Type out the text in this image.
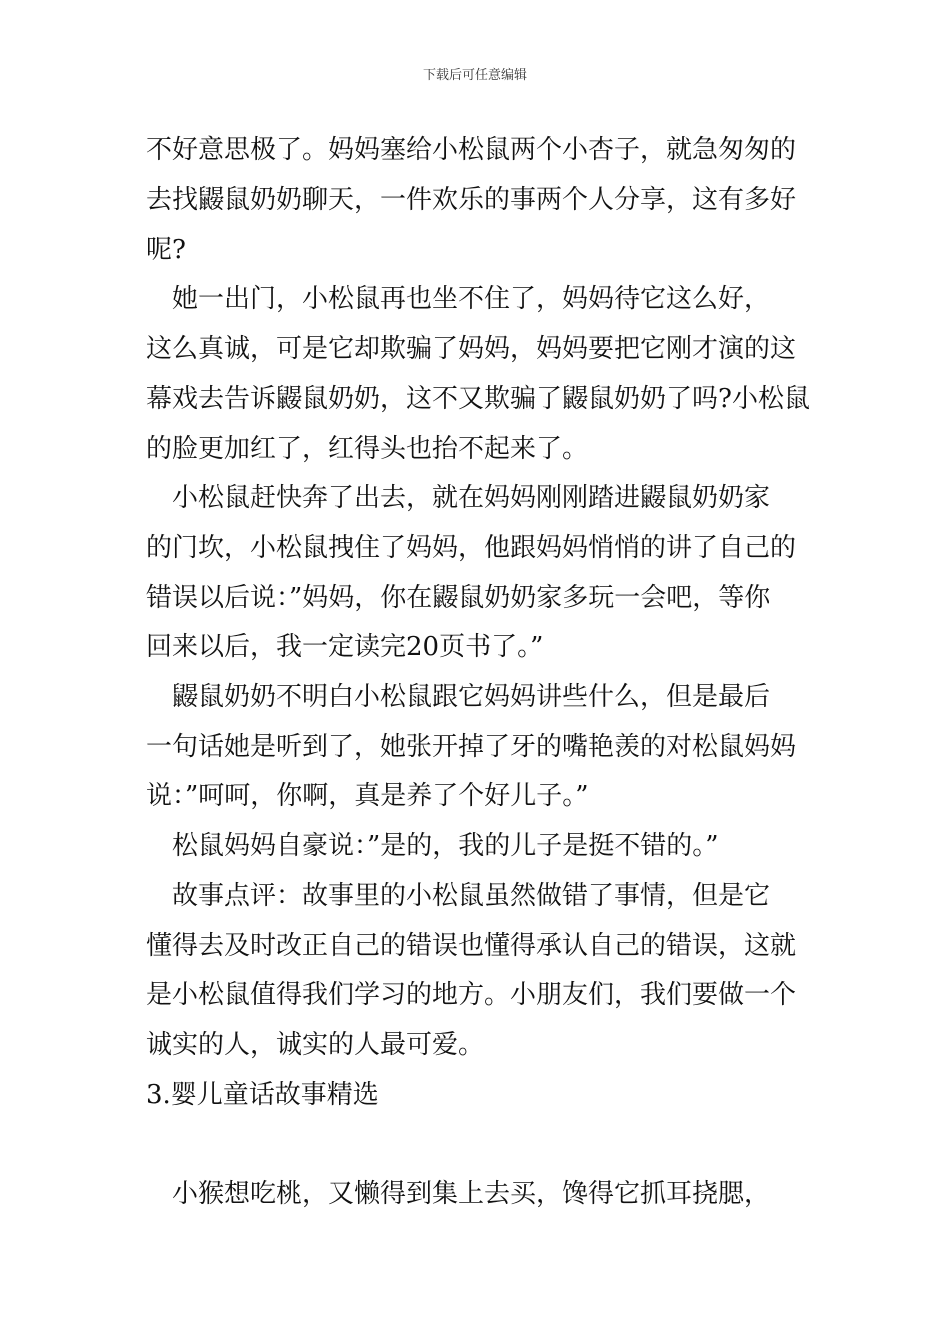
下载后可任意编辑
不好意思极了。妈妈塞给小松鼠两个小杏子，就急匆匆的
去找鼹鼠奶奶聊天，一件欢乐的事两个人分享，这有多好
呢?
　她一出门，小松鼠再也坐不住了，妈妈待它这么好，
这么真诚，可是它却欺骗了妈妈，妈妈要把它刚才演的这
幕戏去告诉鼹鼠奶奶，这不又欺骗了鼹鼠奶奶了吗?小松鼠
的脸更加红了，红得头也抬不起来了。
　小松鼠赶快奔了出去，就在妈妈刚刚踏进鼹鼠奶奶家
的门坎，小松鼠拽住了妈妈，他跟妈妈悄悄的讲了自己的
错误以后说：”妈妈，你在鼹鼠奶奶家多玩一会吧，等你
回来以后，我一定读完20页书了。”
　鼹鼠奶奶不明白小松鼠跟它妈妈讲些什么，但是最后
一句话她是听到了，她张开掉了牙的嘴艳羡的对松鼠妈妈
说：”呵呵，你啊，真是养了个好儿子。”
　松鼠妈妈自豪说：”是的，我的儿子是挺不错的。”
　故事点评：故事里的小松鼠虽然做错了事情，但是它
懂得去及时改正自己的错误也懂得承认自己的错误，这就
是小松鼠值得我们学习的地方。小朋友们，我们要做一个
诚实的人，诚实的人最可爱。
3.婴儿童话故事精选
　小猴想吃桃，又懒得到集上去买，馋得它抓耳挠腮，
